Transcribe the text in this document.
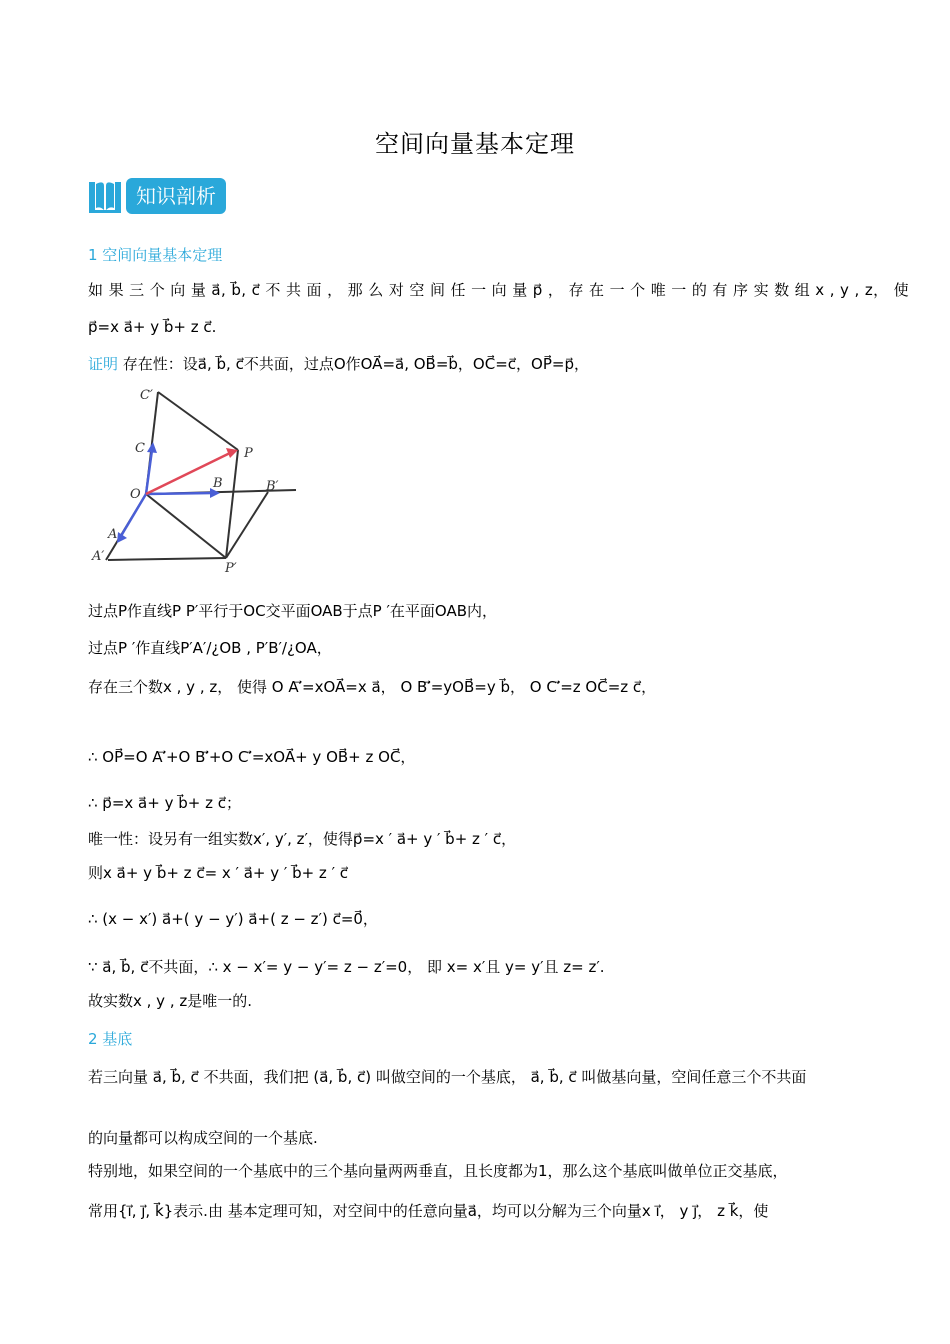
空间向量基本定理
知识剖析
1 空间向量基本定理
如 果 三 个 向 量 a⃗, b⃗, c⃗ 不 共 面 ， 那 么 对 空 间 任 一 向 量 p⃗ ， 存 在 一 个 唯 一 的 有 序 实 数 组 x , y , z， 使
p⃗=x a⃗+ y b⃗+ z c⃗.
证明 存在性：设a⃗, b⃗, c⃗不共面，过点O作OA⃗=a⃗, OB⃗=b⃗，OC⃗=c⃗，OP⃗=p⃗，
C′
C	P
O
B	B′
A
A′
P′
过点P作直线P P′平行于OC交平面OAB于点P ′在平面OAB内，
过点P ′作直线P′A′/¿OB , P′B′/¿OA，
存在三个数x , y , z， 使得 O A′⃗=xOA⃗=x a⃗， O B′⃗=yOB⃗=y b⃗， O C′⃗=z OC⃗=z c⃗，
∴ OP⃗=O A′⃗+O B′⃗+O C′⃗=xOA⃗+ y OB⃗+ z OC⃗，
∴ p⃗=x a⃗+ y b⃗+ z c⃗；
唯一性：设另有一组实数x′, y′, z′，使得p⃗=x ′ a⃗+ y ′ b⃗+ z ′ c⃗，
则x a⃗+ y b⃗+ z c⃗= x ′ a⃗+ y ′ b⃗+ z ′ c⃗
∴ (x − x′) a⃗+( y − y′) a⃗+( z − z′) c⃗=0⃗，
∵ a⃗, b⃗, c⃗不共面，∴ x − x′= y − y′= z − z′=0， 即 x= x′且 y= y′且 z= z′.
故实数x , y , z是唯一的.
2 基底
若三向量 a⃗, b⃗, c⃗ 不共面，我们把 (a⃗, b⃗, c⃗) 叫做空间的一个基底， a⃗, b⃗, c⃗ 叫做基向量，空间任意三个不共面
的向量都可以构成空间的一个基底.
特别地，如果空间的一个基底中的三个基向量两两垂直，且长度都为1，那么这个基底叫做单位正交基底，
常用{i⃗, j⃗, k⃗}表示.由 基本定理可知，对空间中的任意向量a⃗，均可以分解为三个向量x i⃗， y j⃗， z k⃗，使
